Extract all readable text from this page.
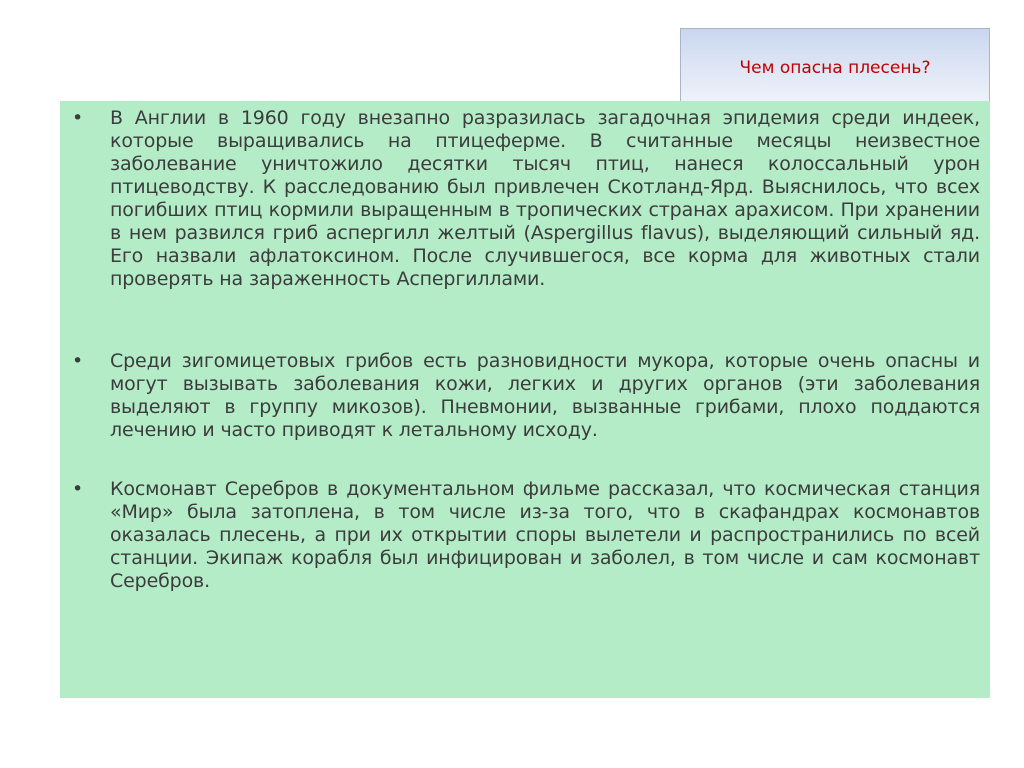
Чем опасна плесень?
• В Англии в 1960 году внезапно разразилась загадочная эпидемия среди индеек, которые выращивались на птицеферме. В считанные месяцы неизвестное заболевание уничтожило десятки тысяч птиц, нанеся колоссальный урон птицеводству. К расследованию был привлечен Скотланд-Ярд. Выяснилось, что всех погибших птиц кормили выращенным в тропических странах арахисом. При хранении в нем развился гриб аспергилл желтый (Aspergillus flavus), выделяющий сильный яд. Его назвали афлатоксином. После случившегося, все корма для животных стали проверять на зараженность Аспергиллами.

• Среди зигомицетовых грибов есть разновидности мукора, которые очень опасны и могут вызывать заболевания кожи, легких и других органов (эти заболевания выделяют в группу микозов). Пневмонии, вызванные грибами, плохо поддаются лечению и часто приводят к летальному исходу.

• Космонавт Серебров в документальном фильме рассказал, что космическая станция «Мир» была затоплена, в том числе из-за того, что в скафандрах космонавтов оказалась плесень, а при их открытии споры вылетели и распространились по всей станции. Экипаж корабля был инфицирован и заболел, в том числе и сам космонавт Серебров.
